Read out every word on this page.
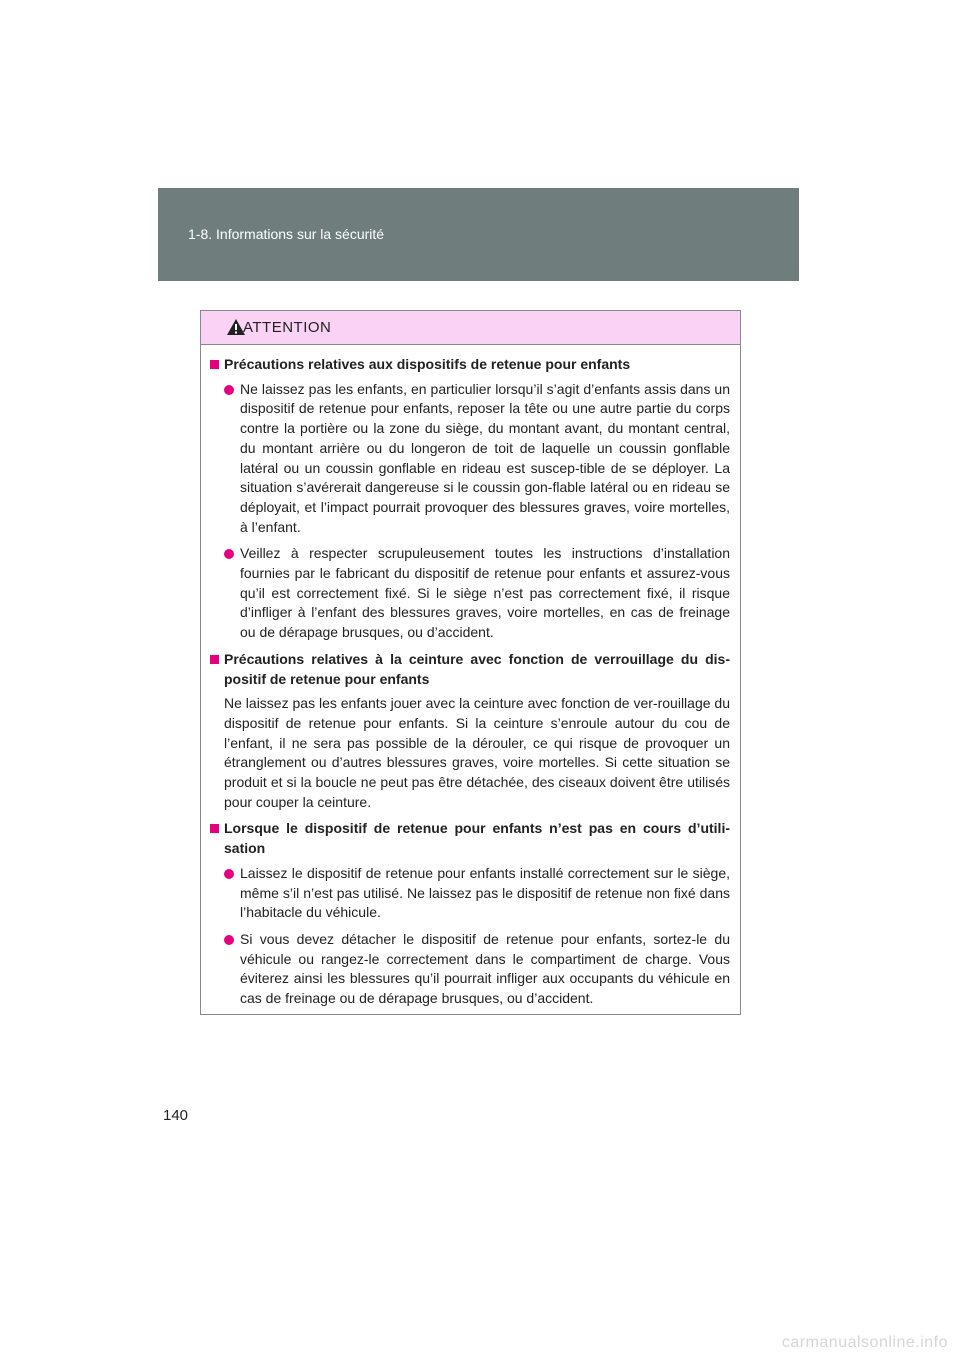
1-8. Informations sur la sécurité
ATTENTION
Précautions relatives aux dispositifs de retenue pour enfants
Ne laissez pas les enfants, en particulier lorsqu’il s’agit d’enfants assis dans un dispositif de retenue pour enfants, reposer la tête ou une autre partie du corps contre la portière ou la zone du siège, du montant avant, du montant central, du montant arrière ou du longeron de toit de laquelle un coussin gonflable latéral ou un coussin gonflable en rideau est suscep-tible de se déployer. La situation s’avérerait dangereuse si le coussin gon-flable latéral ou en rideau se déployait, et l’impact pourrait provoquer des blessures graves, voire mortelles, à l’enfant.
Veillez à respecter scrupuleusement toutes les instructions d’installation fournies par le fabricant du dispositif de retenue pour enfants et assurez-vous qu’il est correctement fixé. Si le siège n’est pas correctement fixé, il risque d’infliger à l’enfant des blessures graves, voire mortelles, en cas de freinage ou de dérapage brusques, ou d’accident.
Précautions relatives à la ceinture avec fonction de verrouillage du dis-positif de retenue pour enfants
Ne laissez pas les enfants jouer avec la ceinture avec fonction de ver-rouillage du dispositif de retenue pour enfants. Si la ceinture s’enroule autour du cou de l’enfant, il ne sera pas possible de la dérouler, ce qui risque de provoquer un étranglement ou d’autres blessures graves, voire mortelles. Si cette situation se produit et si la boucle ne peut pas être détachée, des ciseaux doivent être utilisés pour couper la ceinture.
Lorsque le dispositif de retenue pour enfants n’est pas en cours d’utili-sation
Laissez le dispositif de retenue pour enfants installé correctement sur le siège, même s’il n’est pas utilisé. Ne laissez pas le dispositif de retenue non fixé dans l’habitacle du véhicule.
Si vous devez détacher le dispositif de retenue pour enfants, sortez-le du véhicule ou rangez-le correctement dans le compartiment de charge. Vous éviterez ainsi les blessures qu’il pourrait infliger aux occupants du véhicule en cas de freinage ou de dérapage brusques, ou d’accident.
140
carmanualsonline.info
